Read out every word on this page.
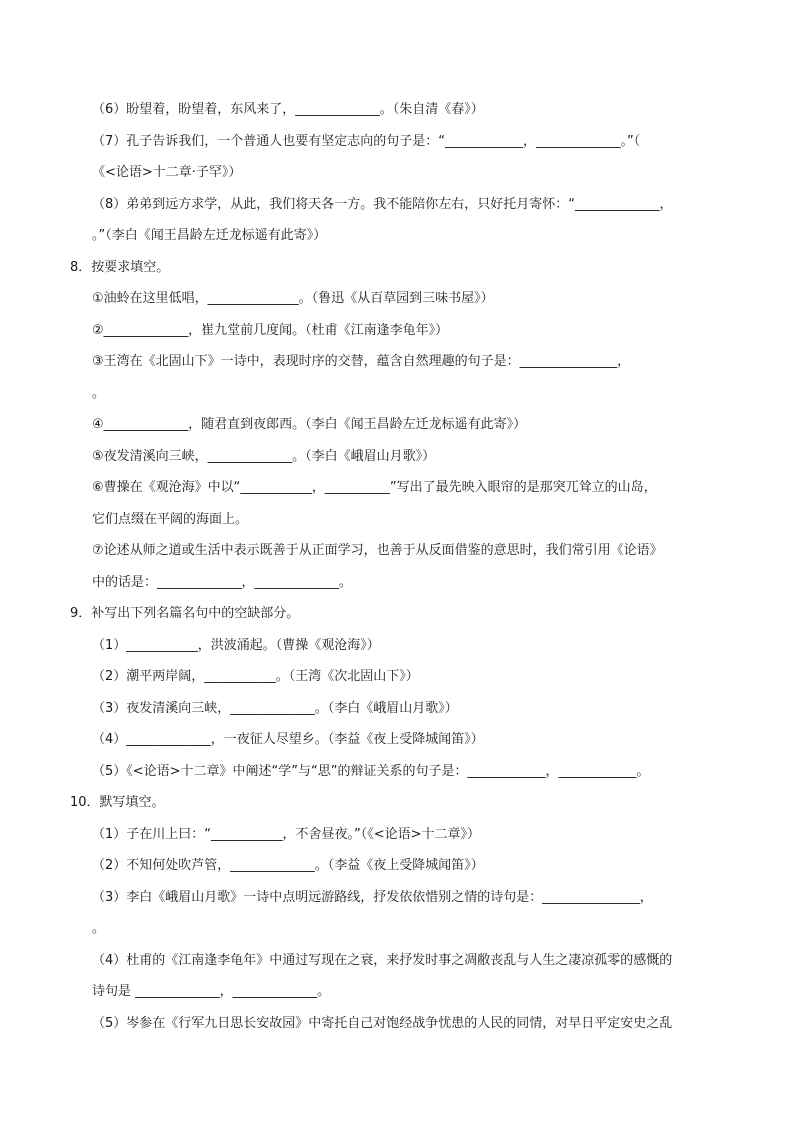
（6）盼望着，盼望着，东风来了，_____________。（朱自清《春》）
（7）孔子告诉我们，一个普通人也要有坚定志向的句子是：“____________，_____________。”（
《<论语>十二章·子罕》）
（8）弟弟到远方求学，从此，我们将天各一方。我不能陪你左右，只好托月寄怀：“_____________，
。”（李白《闻王昌龄左迁龙标遥有此寄》）
8．按要求填空。
①油蛉在这里低唱，______________。（鲁迅《从百草园到三味书屋》）
②_____________，崔九堂前几度闻。（杜甫《江南逢李龟年》）
③王湾在《北固山下》一诗中，表现时序的交替，蕴含自然理趣的句子是：_______________，
。
④_____________，随君直到夜郎西。（李白《闻王昌龄左迁龙标遥有此寄》）
⑤夜发清溪向三峡，_____________。（李白《峨眉山月歌》）
⑥曹操在《观沧海》中以“___________，__________”写出了最先映入眼帘的是那突兀耸立的山岛，
它们点缀在平阔的海面上。
⑦论述从师之道或生活中表示既善于从正面学习，也善于从反面借鉴的意思时，我们常引用《论语》
中的话是：_____________，_____________。
9．补写出下列名篇名句中的空缺部分。
（1）___________，洪波涌起。（曹操《观沧海》）
（2）潮平两岸阔，___________。（王湾《次北固山下》）
（3）夜发清溪向三峡，_____________。（李白《峨眉山月歌》）
（4）_____________，一夜征人尽望乡。（李益《夜上受降城闻笛》）
（5）《<论语>十二章》中阐述“学”与“思”的辩证关系的句子是：____________，____________。
10．默写填空。
（1）子在川上曰：“___________，不舍昼夜。”（《<论语>十二章》）
（2）不知何处吹芦管，_____________。（李益《夜上受降城闻笛》）
（3）李白《峨眉山月歌》一诗中点明远游路线，抒发依依惜别之情的诗句是：_______________，
。
（4）杜甫的《江南逢李龟年》中通过写现在之衰，来抒发时事之凋敝丧乱与人生之凄凉孤零的感慨的
诗句是 _____________，_____________。
（5）岑参在《行军九日思长安故园》中寄托自己对饱经战争忧患的人民的同情，对早日平定安史之乱
